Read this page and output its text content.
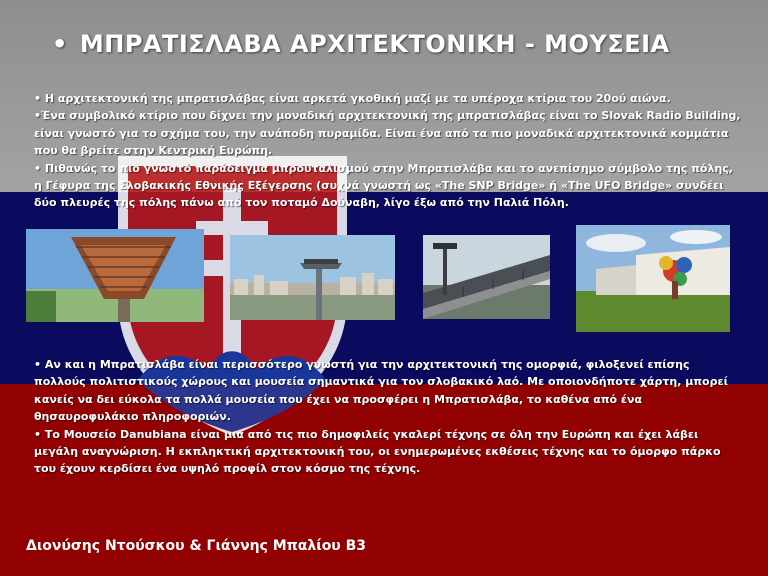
• ΜΠΡΑΤΙΣΛΑΒΑ ΑΡΧΙΤΕΚΤΟΝΙΚΗ - ΜΟΥΣΕΙΑ

• Η αρχιτεκτονική της μπρατισλάβας είναι αρκετά γκοθική μαζί με τα υπέροχα κτίρια του 20ού αιώνα.

•Ένα συμβολικό κτίριο που δίχνει την μοναδική αρχιτεκτονική της μπρατισλάβας είναι το Slovak Radio Building, είναι γνωστό για το σχήμα του, την ανάποδη πυραμίδα. Είναι ένα από τα πιο μοναδικά αρχιτεκτονικά κομμάτια που θα βρείτε στην Κεντρική Ευρώπη.

• Πιθανώς το πιο γνωστό παράδειγμα μπρουταλισμού στην Μπρατισλάβα και το ανεπίσημο σύμβολο της πόλης, η Γέφυρα της Σλοβακικής Εθνικής Εξέγερσης (συχνά γνωστή ως «The SNP Bridge» ή «The UFO Bridge» συνδέει δύο πλευρές της πόλης πάνω από τον ποταμό Δούναβη, λίγο έξω από την Παλιά Πόλη.

• Αν και η Μπρατισλάβα είναι περισσότερο γνωστή για την αρχιτεκτονική της ομορφιά, φιλοξενεί επίσης πολλούς πολιτιστικούς χώρους και μουσεία σημαντικά για τον σλοβακικό λαό. Με οποιονδήποτε χάρτη, μπορεί κανείς να δει εύκολα τα πολλά μουσεία που έχει να προσφέρει η Μπρατισλάβα, το καθένα από ένα θησαυροφυλάκιο πληροφοριών.

• Το Μουσείο Danubiana είναι μια από τις πιο δημοφιλείς γκαλερί τέχνης σε όλη την Ευρώπη και έχει λάβει μεγάλη αναγνώριση. Η εκπληκτική αρχιτεκτονική του, οι ενημερωμένες εκθέσεις τέχνης και το όμορφο πάρκο του έχουν κερδίσει ένα υψηλό προφίλ στον κόσμο της τέχνης.

Διονύσης Ντούσκου & Γιάννης Μπαλίου Β3
